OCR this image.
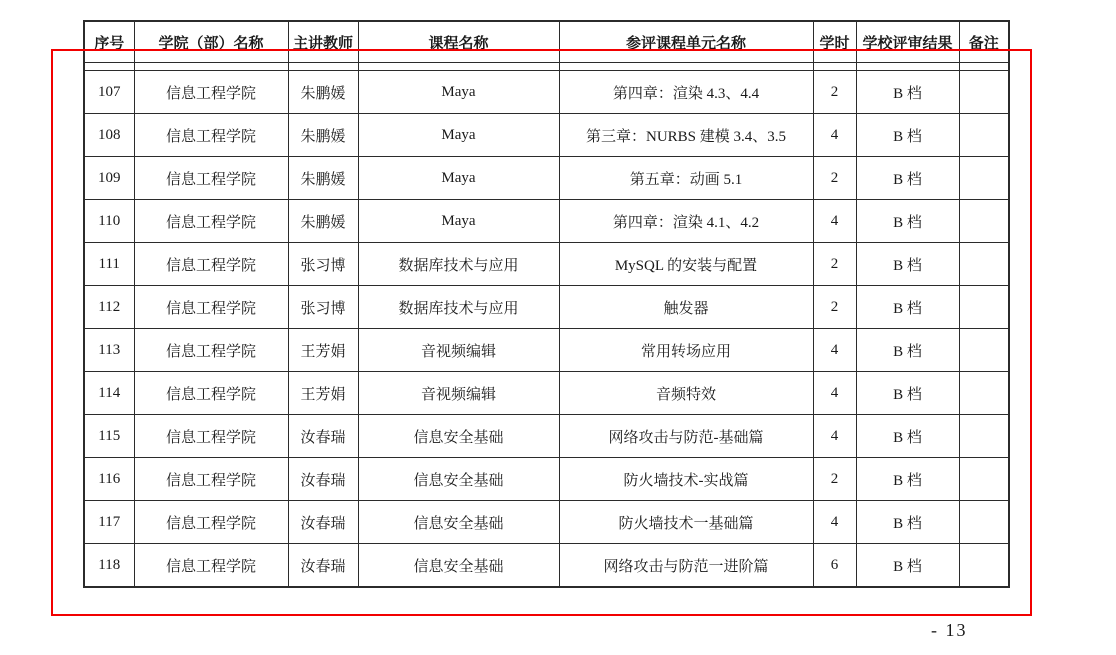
序号	学院（部）名称	主讲教师	课程名称	参评课程单元名称	学时	学校评审结果	备注

107	信息工程学院	朱鹏媛	Maya	第四章：渲染 4.3、4.4	2	B 档	
108	信息工程学院	朱鹏媛	Maya	第三章：NURBS 建模 3.4、3.5	4	B 档	
109	信息工程学院	朱鹏媛	Maya	第五章：动画 5.1	2	B 档	
110	信息工程学院	朱鹏媛	Maya	第四章：渲染 4.1、4.2	4	B 档	
111	信息工程学院	张习博	数据库技术与应用	MySQL 的安装与配置	2	B 档	
112	信息工程学院	张习博	数据库技术与应用	触发器	2	B 档	
113	信息工程学院	王芳娟	音视频编辑	常用转场应用	4	B 档	
114	信息工程学院	王芳娟	音视频编辑	音频特效	4	B 档	
115	信息工程学院	汝春瑞	信息安全基础	网络攻击与防范-基础篇	4	B 档	
116	信息工程学院	汝春瑞	信息安全基础	防火墙技术-实战篇	2	B 档	
117	信息工程学院	汝春瑞	信息安全基础	防火墙技术一基础篇	4	B 档	
118	信息工程学院	汝春瑞	信息安全基础	网络攻击与防范一进阶篇	6	B 档	
- 13
